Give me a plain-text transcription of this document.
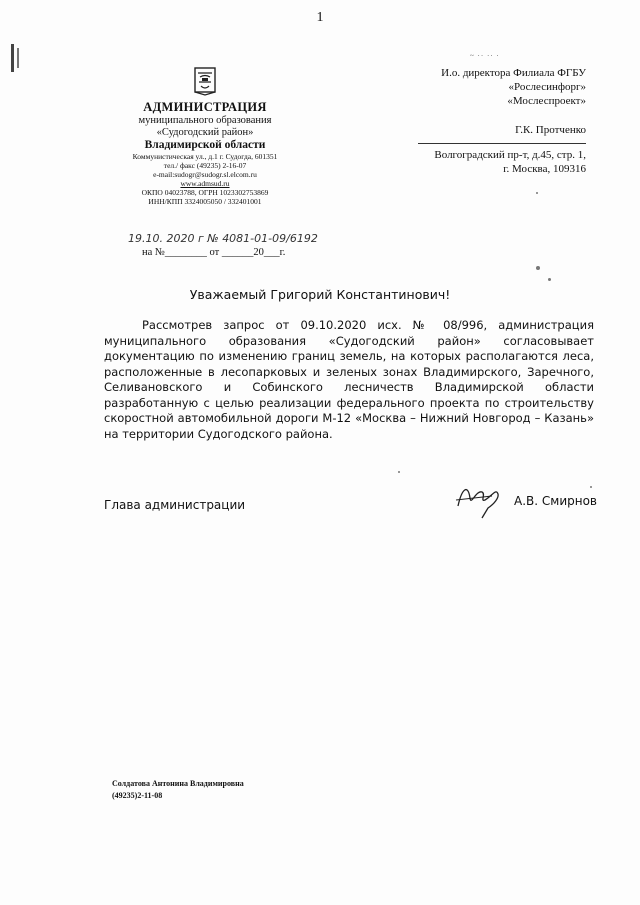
1
АДМИНИСТРАЦИЯ
муниципального образования
«Судогодский район»
Владимирской области
Коммунистическая ул., д.1 г. Судогда, 601351
тел./ факс (49235) 2-16-07
e-mail:sudogr@sudogr.sl.elcom.ru
www.admsud.ru
ОКПО 04023788, ОГРН 1023302753869
ИНН/КПП 3324005050 / 332401001
19.10. 2020 г № 4081-01-09/6192
на №________ от ______20___г.
~ ·· ·· ·
И.о. директора Филиала ФГБУ
«Рослесинфорг»
«Мослеспроект»
Г.К. Протченко
Волгоградский пр-т, д.45, стр. 1,
г. Москва, 109316
Уважаемый Григорий Константинович!
Рассмотрев запрос от 09.10.2020 исх. № 08/996, администрация муниципального образования «Судогодский район» согласовывает документацию по изменению границ земель, на которых располагаются леса, расположенные в лесопарковых и зеленых зонах Владимирского, Заречного, Селивановского и Собинского лесничеств Владимирской области разработанную с целью реализации федерального проекта по строительству скоростной автомобильной дороги М-12 «Москва – Нижний Новгород – Казань» на территории Судогодского района.
Глава администрации	А.В. Смирнов
Солдатова Антонина Владимировна
(49235)2-11-08
